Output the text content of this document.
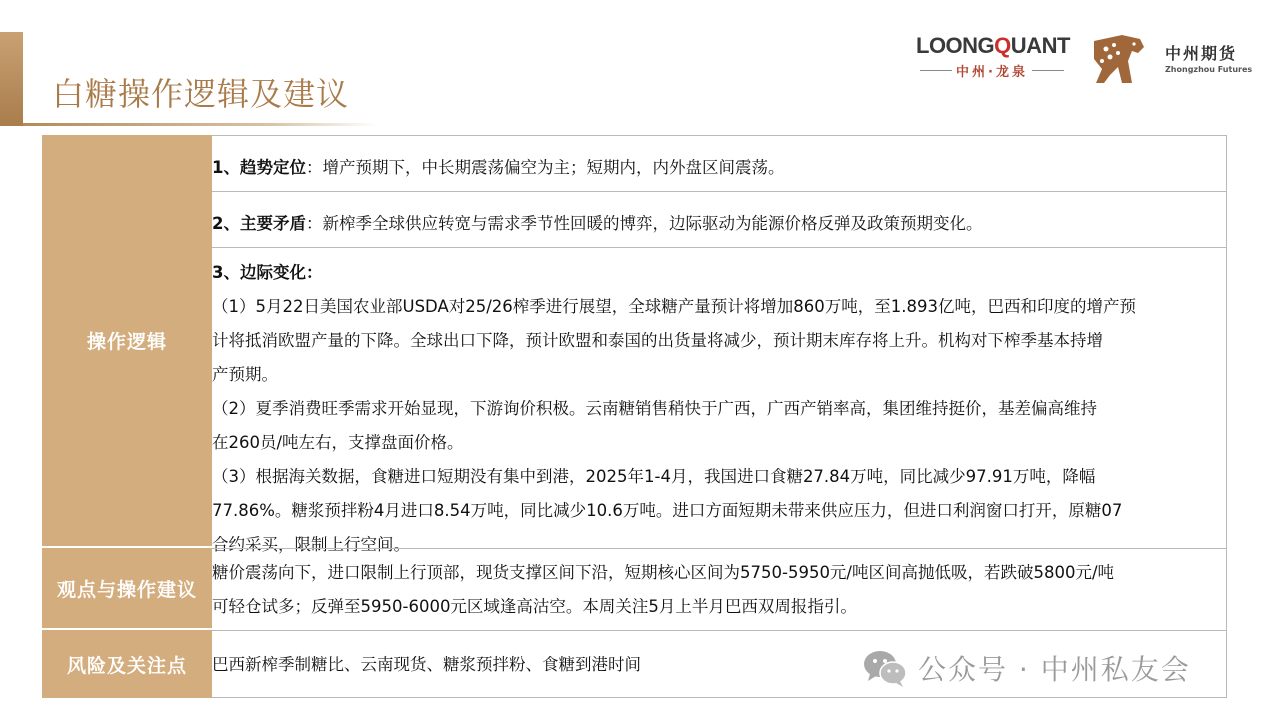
白糖操作逻辑及建议
LOONGQUANT
中州·龙泉
中州期货
Zhongzhou Futures
操作逻辑

1、趋势定位：增产预期下，中长期震荡偏空为主；短期内，内外盘区间震荡。

2、主要矛盾：新榨季全球供应转宽与需求季节性回暖的博弈，边际驱动为能源价格反弹及政策预期变化。

3、边际变化：

（1）5月22日美国农业部USDA对25/26榨季进行展望，全球糖产量预计将增加860万吨，至1.893亿吨，巴西和印度的增产预

计将抵消欧盟产量的下降。全球出口下降，预计欧盟和泰国的出货量将减少，预计期末库存将上升。机构对下榨季基本持增

产预期。

（2）夏季消费旺季需求开始显现，下游询价积极。云南糖销售稍快于广西，广西产销率高，集团维持挺价，基差偏高维持

在260员/吨左右，支撑盘面价格。

（3）根据海关数据，食糖进口短期没有集中到港，2025年1-4月，我国进口食糖27.84万吨，同比减少97.91万吨，降幅

77.86%。糖浆预拌粉4月进口8.54万吨，同比减少10.6万吨。进口方面短期未带来供应压力，但进口利润窗口打开，原糖07

合约采买，限制上行空间。

观点与操作建议

糖价震荡向下，进口限制上行顶部，现货支撑区间下沿，短期核心区间为5750-5950元/吨区间高抛低吸，若跌破5800元/吨

可轻仓试多；反弹至5950-6000元区域逢高沽空。本周关注5月上半月巴西双周报指引。

风险及关注点	巴西新榨季制糖比、云南现货、糖浆预拌粉、食糖到港时间	公众号 · 中州私友会
